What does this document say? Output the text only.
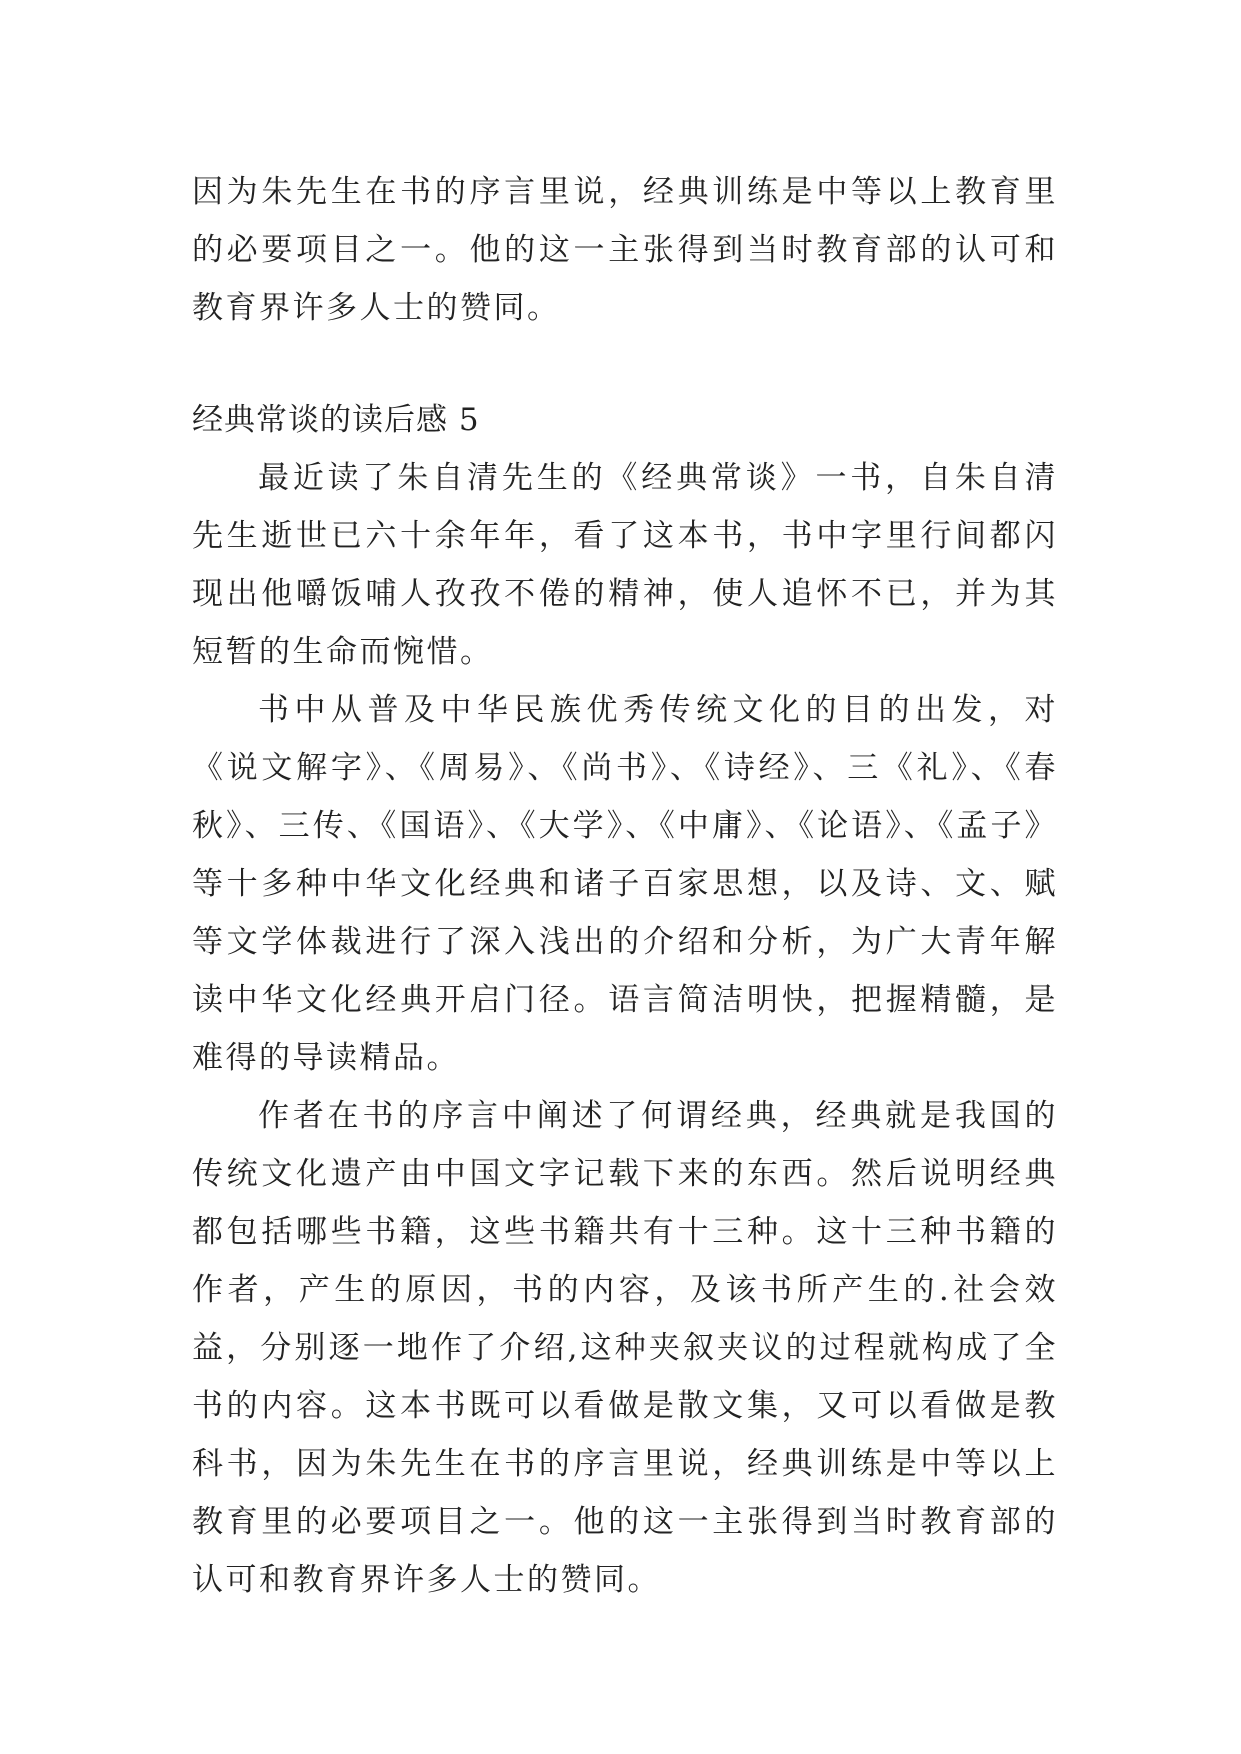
因为朱先生在书的序言里说，经典训练是中等以上教育里的必要项目之一。他的这一主张得到当时教育部的认可和教育界许多人士的赞同。

经典常谈的读后感 5

最近读了朱自清先生的《经典常谈》一书，自朱自清先生逝世已六十余年年，看了这本书，书中字里行间都闪现出他嚼饭哺人孜孜不倦的精神，使人追怀不已，并为其短暂的生命而惋惜。

书中从普及中华民族优秀传统文化的目的出发，对《说文解字》、《周易》、《尚书》、《诗经》、三《礼》、《春秋》、三传、《国语》、《大学》、《中庸》、《论语》、《孟子》等十多种中华文化经典和诸子百家思想，以及诗、文、赋等文学体裁进行了深入浅出的介绍和分析，为广大青年解读中华文化经典开启门径。语言简洁明快，把握精髓，是难得的导读精品。

作者在书的序言中阐述了何谓经典，经典就是我国的传统文化遗产由中国文字记载下来的东西。然后说明经典都包括哪些书籍，这些书籍共有十三种。这十三种书籍的作者，产生的原因，书的内容，及该书所产生的.社会效益，分别逐一地作了介绍,这种夹叙夹议的过程就构成了全书的内容。这本书既可以看做是散文集，又可以看做是教科书，因为朱先生在书的序言里说，经典训练是中等以上教育里的必要项目之一。他的这一主张得到当时教育部的认可和教育界许多人士的赞同。
